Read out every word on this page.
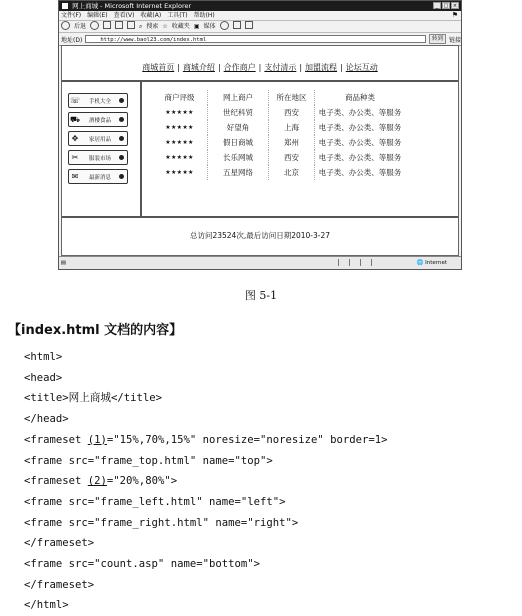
网上商城 - Microsoft Internet Explorer	_	□ ×
文件(F) 编辑(E) 查看(V) 收藏(A) 工具(T) 帮助(H)	⚑
后退	⌕ 搜索 ☆ 收藏夹 ▣ 媒体
地址(D)	http://www.baol23.com/index.html	转到	链接
商城首页 | 商城介绍 | 合作商户 | 支付清示 | 加盟流程 | 论坛互动
☏	手机大全
⛟	酒楼食品
✥	家居用品
✂	服装市场
✉	最新消息
商户评级	网上商户	所在地区	商品种类
★★★★★	世纪科贸	西安	电子类、办公类、等服务
★★★★★	好望角	上海	电子类、办公类、等服务
★★★★★	假日商城	郑州	电子类、办公类、等服务
★★★★★	长乐网城	西安	电子类、办公类、等服务
★★★★★	五星网络	北京	电子类、办公类、等服务
总访问23524次,最后访问日期2010-3-27
▤	🌐 Internet
图 5-1
【index.html 文档的内容】
<html>
<head>
<title>网上商城</title>
</head>
<frameset (1)="15%,70%,15%" noresize="noresize" border=1>
<frame src="frame_top.html" name="top">
<frameset (2)="20%,80%">
<frame src="frame_left.html" name="left">
<frame src="frame_right.html" name="right">
</frameset>
<frame src="count.asp" name="bottom">
</frameset>
</html>
